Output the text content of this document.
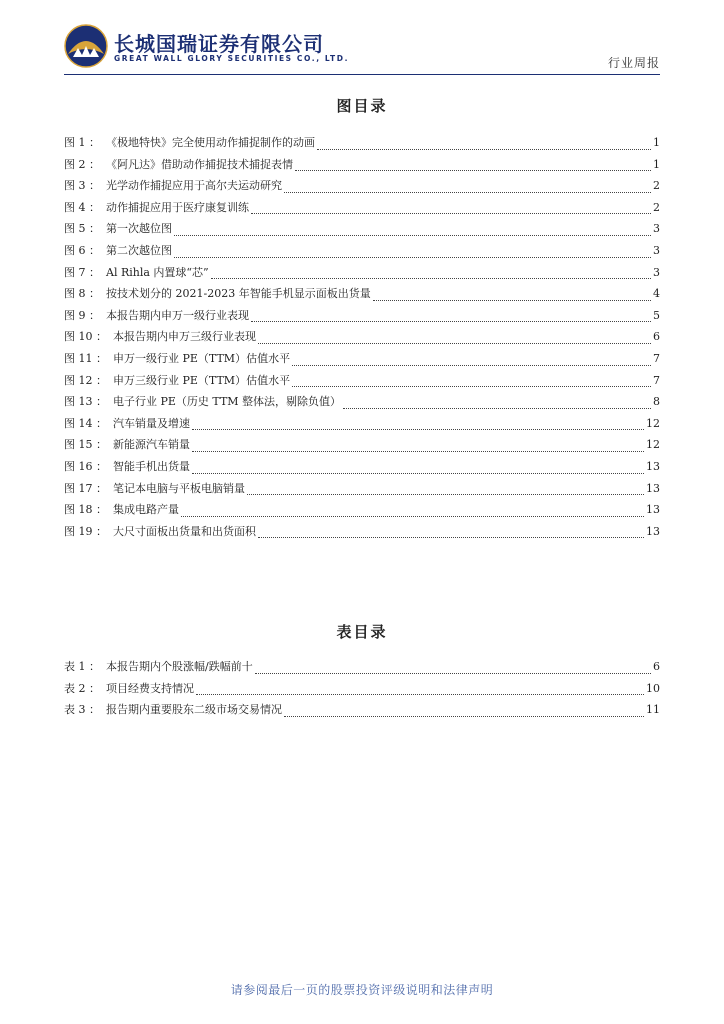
长城国瑞证券有限公司
GREAT WALL GLORY SECURITIES CO., LTD.	行业周报
图目录
图 1 ： 《极地特快》完全使用动作捕捉制作的动画	1
图 2 ： 《阿凡达》借助动作捕捉技术捕捉表情	1
图 3 ： 光学动作捕捉应用于高尔夫运动研究	2
图 4 ： 动作捕捉应用于医疗康复训练	2
图 5 ： 第一次越位图	3
图 6 ： 第二次越位图	3
图 7 ： Al Rihla 内置球“芯”	3
图 8 ： 按技术划分的 2021-2023 年智能手机显示面板出货量	4
图 9 ： 本报告期内申万一级行业表现	5
图 10 ： 本报告期内申万三级行业表现	6
图 11 ： 申万一级行业 PE（TTM）估值水平	7
图 12 ： 申万三级行业 PE（TTM）估值水平	7
图 13 ： 电子行业 PE（历史 TTM 整体法，剔除负值）	8
图 14 ： 汽车销量及增速	12
图 15 ： 新能源汽车销量	12
图 16 ： 智能手机出货量	13
图 17 ： 笔记本电脑与平板电脑销量	13
图 18 ： 集成电路产量	13
图 19 ： 大尺寸面板出货量和出货面积	13
表目录
表 1 ： 本报告期内个股涨幅/跌幅前十	6
表 2 ： 项目经费支持情况	10
表 3 ： 报告期内重要股东二级市场交易情况	11
请参阅最后一页的股票投资评级说明和法律声明
